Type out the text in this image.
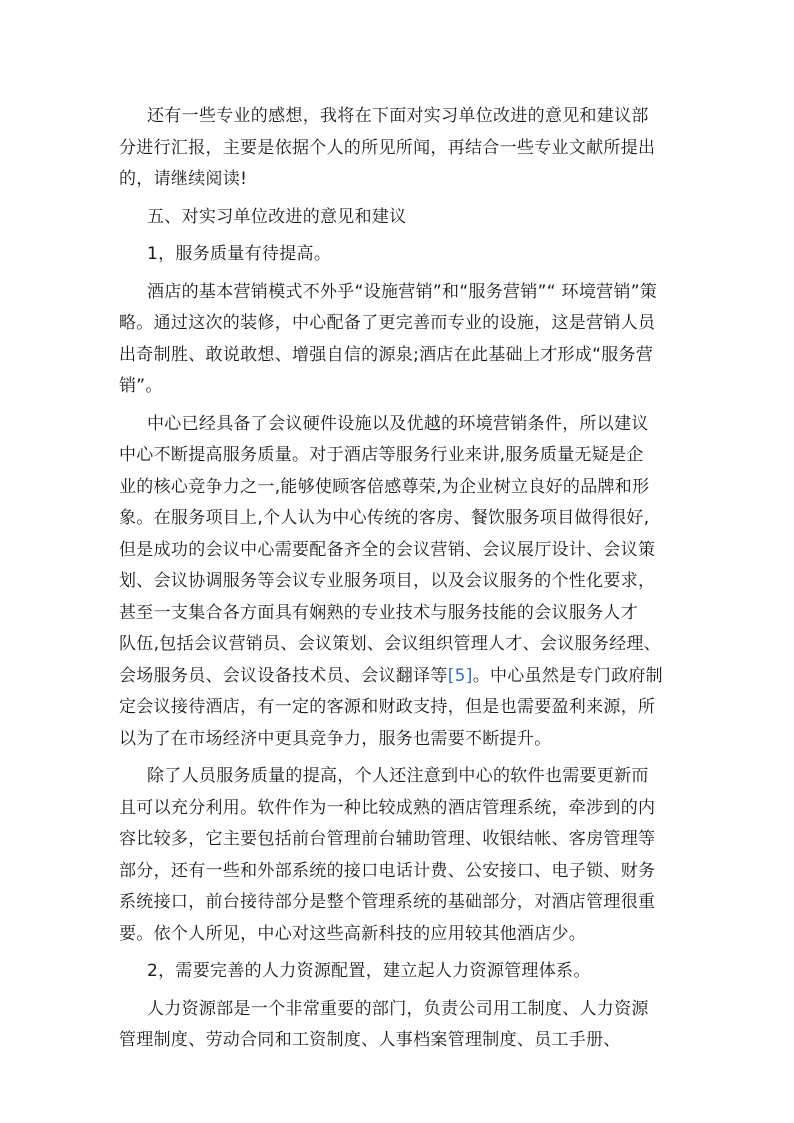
还有一些专业的感想，我将在下面对实习单位改进的意见和建议部
分进行汇报，主要是依据个人的所见所闻，再结合一些专业文献所提出
的，请继续阅读!
五、对实习单位改进的意见和建议
1，服务质量有待提高。
酒店的基本营销模式不外乎“设施营销”和“服务营销”“ 环境营销”策
略。通过这次的装修，中心配备了更完善而专业的设施，这是营销人员
出奇制胜、敢说敢想、增强自信的源泉;酒店在此基础上才形成“服务营
销”。
中心已经具备了会议硬件设施以及优越的环境营销条件，所以建议
中心不断提高服务质量。对于酒店等服务行业来讲,服务质量无疑是企
业的核心竞争力之一,能够使顾客倍感尊荣,为企业树立良好的品牌和形
象。在服务项目上,个人认为中心传统的客房、餐饮服务项目做得很好,
但是成功的会议中心需要配备齐全的会议营销、会议展厅设计、会议策
划、会议协调服务等会议专业服务项目，以及会议服务的个性化要求，
甚至一支集合各方面具有娴熟的专业技术与服务技能的会议服务人才
队伍,包括会议营销员、会议策划、会议组织管理人才、会议服务经理、
会场服务员、会议设备技术员、会议翻译等[5]。中心虽然是专门政府制
定会议接待酒店，有一定的客源和财政支持，但是也需要盈利来源，所
以为了在市场经济中更具竞争力，服务也需要不断提升。
除了人员服务质量的提高，个人还注意到中心的软件也需要更新而
且可以充分利用。软件作为一种比较成熟的酒店管理系统，牵涉到的内
容比较多，它主要包括前台管理前台辅助管理、收银结帐、客房管理等
部分，还有一些和外部系统的接口电话计费、公安接口、电子锁、财务
系统接口，前台接待部分是整个管理系统的基础部分，对酒店管理很重
要。依个人所见，中心对这些高新科技的应用较其他酒店少。
2，需要完善的人力资源配置，建立起人力资源管理体系。
人力资源部是一个非常重要的部门，负责公司用工制度、人力资源
管理制度、劳动合同和工资制度、人事档案管理制度、员工手册、
